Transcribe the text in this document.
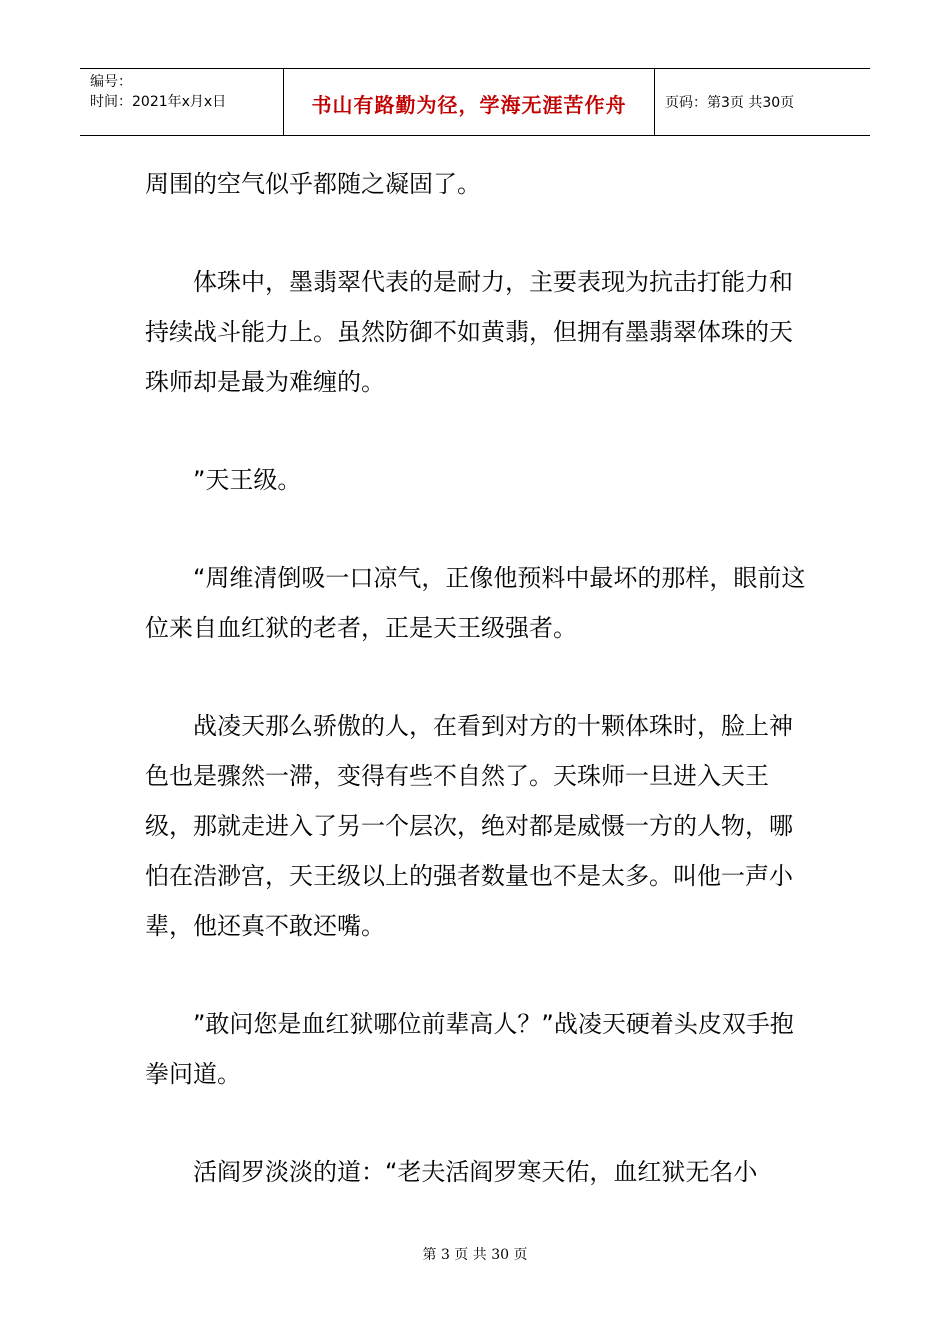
编号：
时间：2021年x月x日	书山有路勤为径，学海无涯苦作舟	页码：第3页 共30页

周围的空气似乎都随之凝固了。

体珠中，墨翡翠代表的是耐力，主要表现为抗击打能力和持续战斗能力上。虽然防御不如黄翡，但拥有墨翡翠体珠的天珠师却是最为难缠的。

”天王级。

“周维清倒吸一口凉气，正像他预料中最坏的那样，眼前这位来自血红狱的老者，正是天王级强者。

战凌天那么骄傲的人，在看到对方的十颗体珠时，脸上神色也是骤然一滞，变得有些不自然了。天珠师一旦进入天王级，那就走进入了另一个层次，绝对都是威慑一方的人物，哪怕在浩渺宫，天王级以上的强者数量也不是太多。叫他一声小辈，他还真不敢还嘴。

”敢问您是血红狱哪位前辈高人？”战凌天硬着头皮双手抱拳问道。

活阎罗淡淡的道：“老夫活阎罗寒天佑，血红狱无名小

第 3 页 共 30 页
